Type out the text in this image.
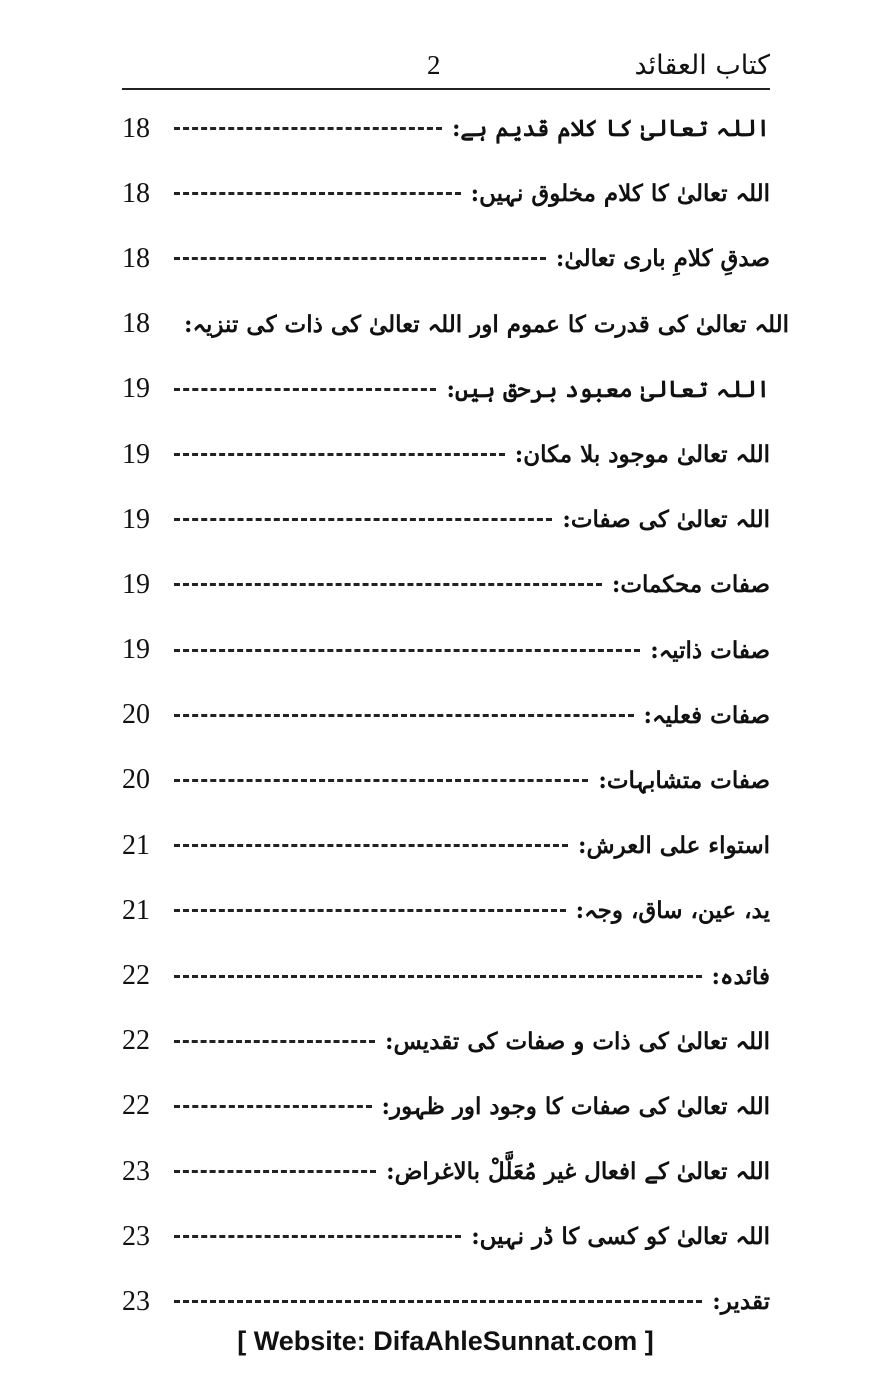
کتاب العقائد
2
18	اللہ تعالیٰ کا کلام قدیم ہے:
18	اللہ تعالیٰ کا کلام مخلوق نہیں:
18	صدقِ کلامِ باری تعالیٰ:
18	اللہ تعالیٰ کی قدرت کا عموم اور اللہ تعالیٰ کی ذات کی تنزیہ:
19	اللہ تعالیٰ معبود برحق ہیں:
19	اللہ تعالیٰ موجود بلا مکان:
19	اللہ تعالیٰ کی صفات:
19	صفات محکمات:
19	صفات ذاتیہ:
20	صفات فعلیہ:
20	صفات متشابہات:
21	استواء علی العرش:
21	ید، عین، ساق، وجہ:
22	فائدہ:
22	اللہ تعالیٰ کی ذات و صفات کی تقدیس:
22	اللہ تعالیٰ کی صفات کا وجود اور ظہور:
23	اللہ تعالیٰ کے افعال غیر مُعَلَّلْ بالاغراض:
23	اللہ تعالیٰ کو کسی کا ڈر نہیں:
23	تقدیر:
[ Website: DifaAhleSunnat.com ]
